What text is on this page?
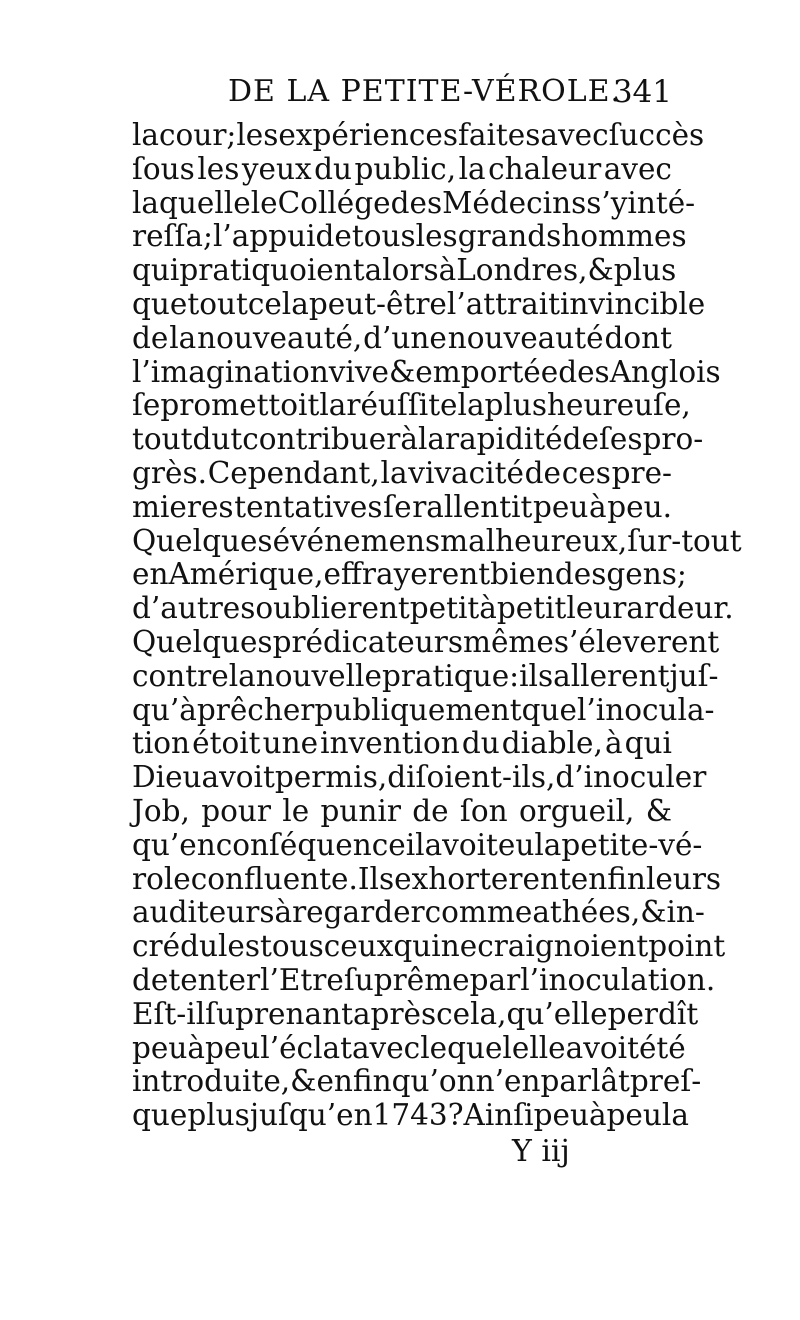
DE LA PETITE-VÉROLE.
341
la cour ; les expériences faites avec ſuccès
ſous les yeux du public, la chaleur avec
laquelle le Collége des Médecins s’y inté-
reſſa ; l’appui de tous les grands hommes
qui pratiquoient alors à Londres, & plus
que tout cela peut-être l’attrait invincible
de la nouveauté, d’une nouveauté dont
l’imagination vive & emportée des Anglois
ſe promettoit la réuſſite la plus heureuſe,
tout dut contribuer à la rapidité de ſes pro-
grès. Cependant, la vivacité de ces pre-
mieres tentatives ſe rallentit peu à peu.
Quelques événemens malheureux, ſur-tout
en Amérique, effrayerent bien des gens ;
d’autres oublierent petit à petit leur ardeur.
Quelques prédicateurs même s’éleverent
contre la nouvelle pratique : ils allerent juſ-
qu’à prêcher publiquement que l’inocula-
tion étoit une invention du diable, à qui
Dieu avoit permis, diſoient-ils, d’inoculer
Job, pour le punir de ſon orgueil, &
qu’en conſéquence il avoit eu la petite-vé-
role confluente. Ils exhorterent enfin leurs
auditeurs à regarder comme athées, & in-
crédules tous ceux qui ne craignoient point
de tenter l’Etre ſuprême par l’inoculation.
Eſt-il ſuprenant après cela, qu’elle perdît
peu à peu l’éclat avec lequel elle avoit été
introduite, & enfin qu’on n’en parlât preſ-
que plus juſqu’en 1743 ? Ainſi peu à peu la
Y iij
